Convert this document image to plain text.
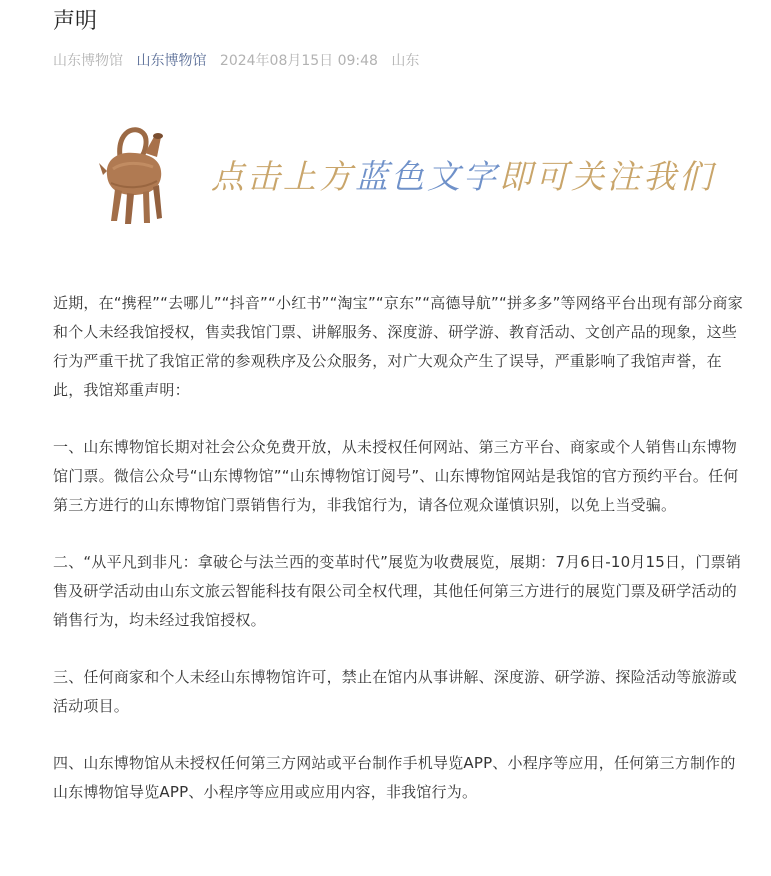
声明
山东博物馆 山东博物馆 2024年08月15日 09:48 山东
点击上方蓝色文字即可关注我们

近期，在“携程”“去哪儿”“抖音”“小红书”“淘宝”“京东”“高德导航”“拼多多”等网络平台出现有部分商家和个人未经我馆授权，售卖我馆门票、讲解服务、深度游、研学游、教育活动、文创产品的现象，这些行为严重干扰了我馆正常的参观秩序及公众服务，对广大观众产生了误导，严重影响了我馆声誉，在此，我馆郑重声明：

一、山东博物馆长期对社会公众免费开放，从未授权任何网站、第三方平台、商家或个人销售山东博物馆门票。微信公众号“山东博物馆”“山东博物馆订阅号”、山东博物馆网站是我馆的官方预约平台。任何第三方进行的山东博物馆门票销售行为，非我馆行为，请各位观众谨慎识别，以免上当受骗。

二、“从平凡到非凡：拿破仑与法兰西的变革时代”展览为收费展览，展期：7月6日-10月15日，门票销售及研学活动由山东文旅云智能科技有限公司全权代理，其他任何第三方进行的展览门票及研学活动的销售行为，均未经过我馆授权。

三、任何商家和个人未经山东博物馆许可，禁止在馆内从事讲解、深度游、研学游、探险活动等旅游或活动项目。

四、山东博物馆从未授权任何第三方网站或平台制作手机导览APP、小程序等应用，任何第三方制作的山东博物馆导览APP、小程序等应用或应用内容，非我馆行为。
